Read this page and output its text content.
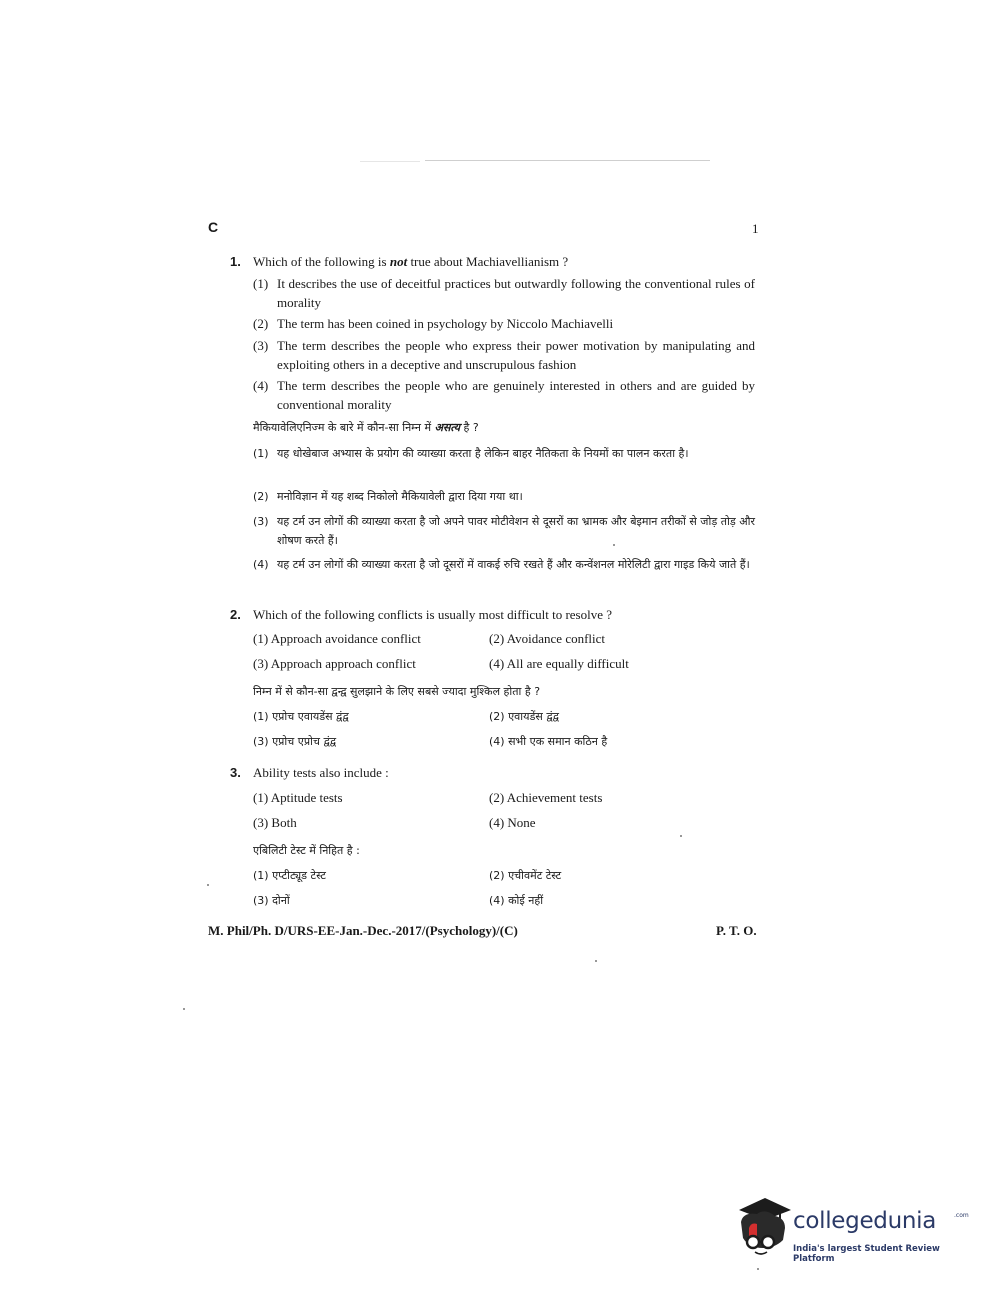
C	1
1. Which of the following is not true about Machiavellianism ?
(1) It describes the use of deceitful practices but outwardly following the conventional rules of morality
(2) The term has been coined in psychology by Niccolo Machiavelli
(3) The term describes the people who express their power motivation by manipulating and exploiting others in a deceptive and unscrupulous fashion
(4) The term describes the people who are genuinely interested in others and are guided by conventional morality
मैकियावेलिएनिज्म के बारे में कौन-सा निम्न में असत्य है ?
(1) यह धोखेबाज अभ्यास के प्रयोग की व्याख्या करता है लेकिन बाहर नैतिकता के नियमों का पालन करता है।
(2) मनोविज्ञान में यह शब्द निकोलो मैकियावेली द्वारा दिया गया था।
(3) यह टर्म उन लोगों की व्याख्या करता है जो अपने पावर मोटीवेशन से दूसरों का भ्रामक और बेइमान तरीकों से जोड़ तोड़ और शोषण करते हैं।
(4) यह टर्म उन लोगों की व्याख्या करता है जो दूसरों में वाकई रुचि रखते हैं और कन्वेंशनल मोरेलिटी द्वारा गाइड किये जाते हैं।
2. Which of the following conflicts is usually most difficult to resolve ?
(1) Approach avoidance conflict	(2) Avoidance conflict
(3) Approach approach conflict	(4) All are equally difficult
निम्न में से कौन-सा द्वन्द्व सुलझाने के लिए सबसे ज्यादा मुश्किल होता है ?
(1) एप्रोच एवायडेंस द्वंद्व	(2) एवायडेंस द्वंद्व
(3) एप्रोच एप्रोच द्वंद्व	(4) सभी एक समान कठिन है
3. Ability tests also include :
(1) Aptitude tests	(2) Achievement tests
(3) Both	(4) None
एबिलिटी टेस्ट में निहित है :
(1) एप्टीट्यूड टेस्ट	(2) एचीवमेंट टेस्ट
(3) दोनों	(4) कोई नहीं
M. Phil/Ph. D/URS-EE-Jan.-Dec.-2017/(Psychology)/(C)	P. T. O.
collegedunia	.com
India's largest Student Review Platform
